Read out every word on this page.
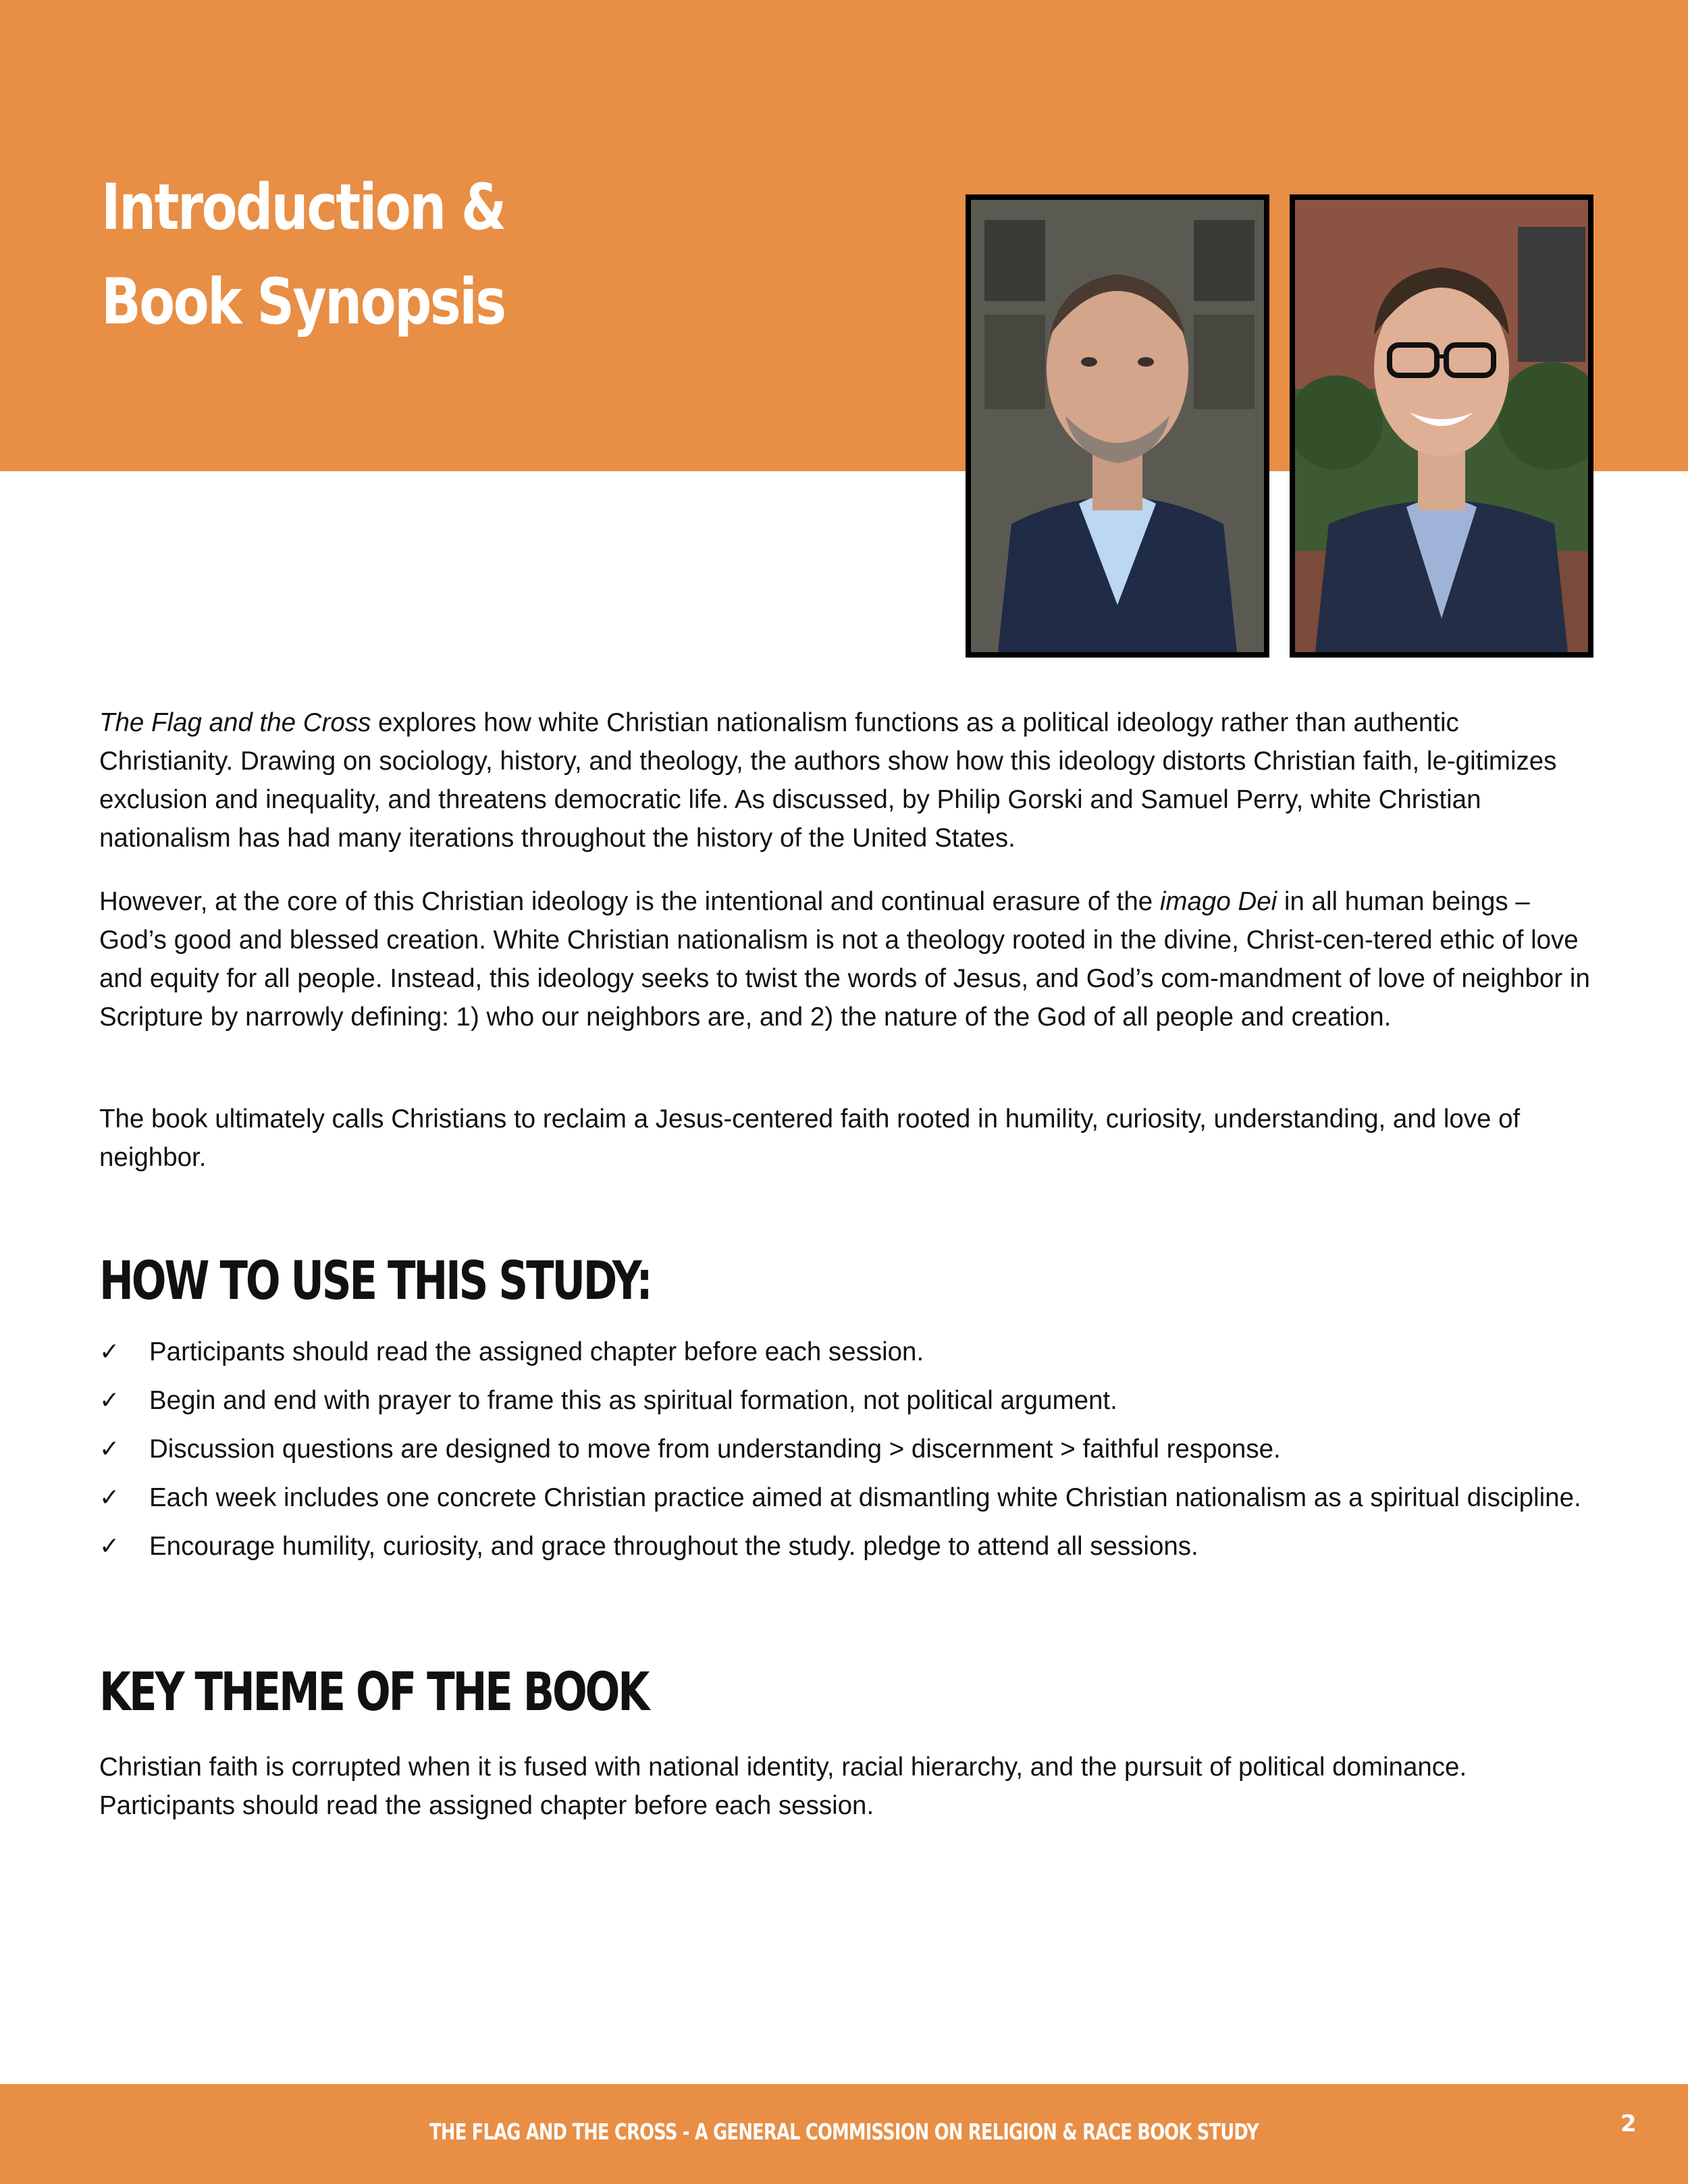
Introduction &
Book Synopsis

The Flag and the Cross explores how white Christian nationalism functions as a political ideology rather than authentic Christianity. Drawing on sociology, history, and theology, the authors show how this ideology distorts Christian faith, le-gitimizes exclusion and inequality, and threatens democratic life. As discussed, by Philip Gorski and Samuel Perry, white Christian nationalism has had many iterations throughout the history of the United States.

However, at the core of this Christian ideology is the intentional and continual erasure of the imago Dei in all human beings – God’s good and blessed creation. White Christian nationalism is not a theology rooted in the divine, Christ-cen-tered ethic of love and equity for all people. Instead, this ideology seeks to twist the words of Jesus, and God’s com-mandment of love of neighbor in Scripture by narrowly defining: 1) who our neighbors are, and 2) the nature of the God of all people and creation.

The book ultimately calls Christians to reclaim a Jesus-centered faith rooted in humility, curiosity, understanding, and love of neighbor.

HOW TO USE THIS STUDY:
✓ Participants should read the assigned chapter before each session.
✓ Begin and end with prayer to frame this as spiritual formation, not political argument.
✓ Discussion questions are designed to move from understanding > discernment > faithful response.
✓ Each week includes one concrete Christian practice aimed at dismantling white Christian nationalism as a spiritual discipline.
✓ Encourage humility, curiosity, and grace throughout the study. pledge to attend all sessions.
KEY THEME OF THE BOOK

Christian faith is corrupted when it is fused with national identity, racial hierarchy, and the pursuit of political dominance. Participants should read the assigned chapter before each session.

THE FLAG AND THE CROSS - A GENERAL COMMISSION ON RELIGION & RACE BOOK STUDY	2
